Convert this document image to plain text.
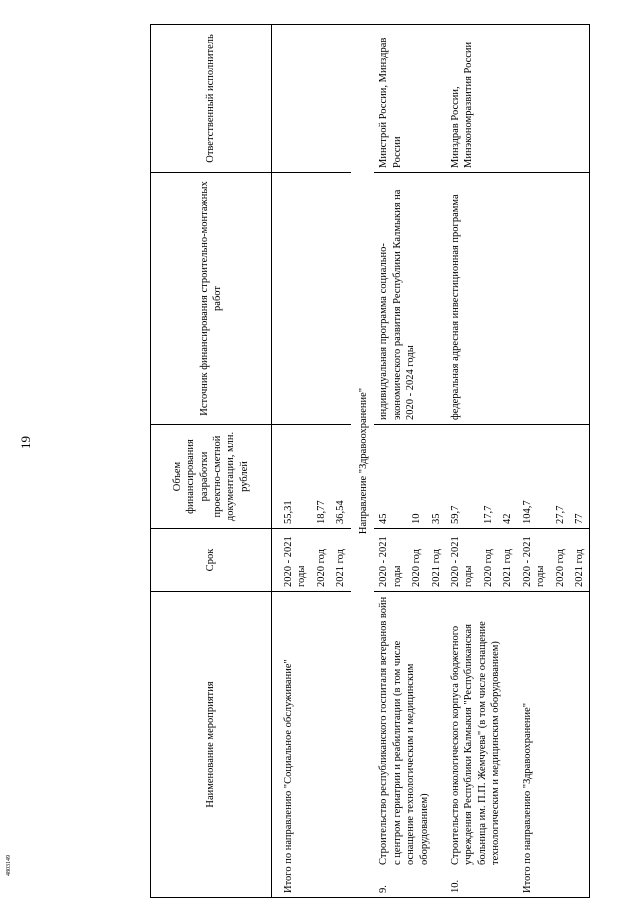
19
4803149
Наименование мероприятия	Срок	Объем финансирования разработки проектно-сметной документации, млн. рублей	Источник финансирования строительно-монтажных работ	Ответственный исполнитель
Итого по направлению "Социальное обслуживание"	2020 - 2021 годы	55,31		
	2020 год	18,77		
	2021 год	36,54		
Направление "Здравоохранение"				

9.
Строительство республиканского госпиталя ветеранов войн с центром гериатрии и реабилитации (в том числе оснащение технологическим и медицинским оборудованием)	2020 - 2021 годы	45	индивидуальная программа социально-экономического развития Республики Калмыкия на 2020 - 2024 годы	Минстрой России, Минздрав России
	2020 год	10		
	2021 год	35		

10.
Строительство онкологического корпуса бюджетного учреждения Республики Калмыкия "Республиканская больница им. П.П. Жемчуева" (в том числе оснащение технологическим и медицинским оборудованием)	2020 - 2021 годы	59,7	федеральная адресная инвестиционная программа	Минздрав России, Минэкономразвития России
	2020 год	17,7		
	2021 год	42		
Итого по направлению "Здравоохранение"	2020 - 2021 годы	104,7		
	2020 год	27,7		
	2021 год	77		
